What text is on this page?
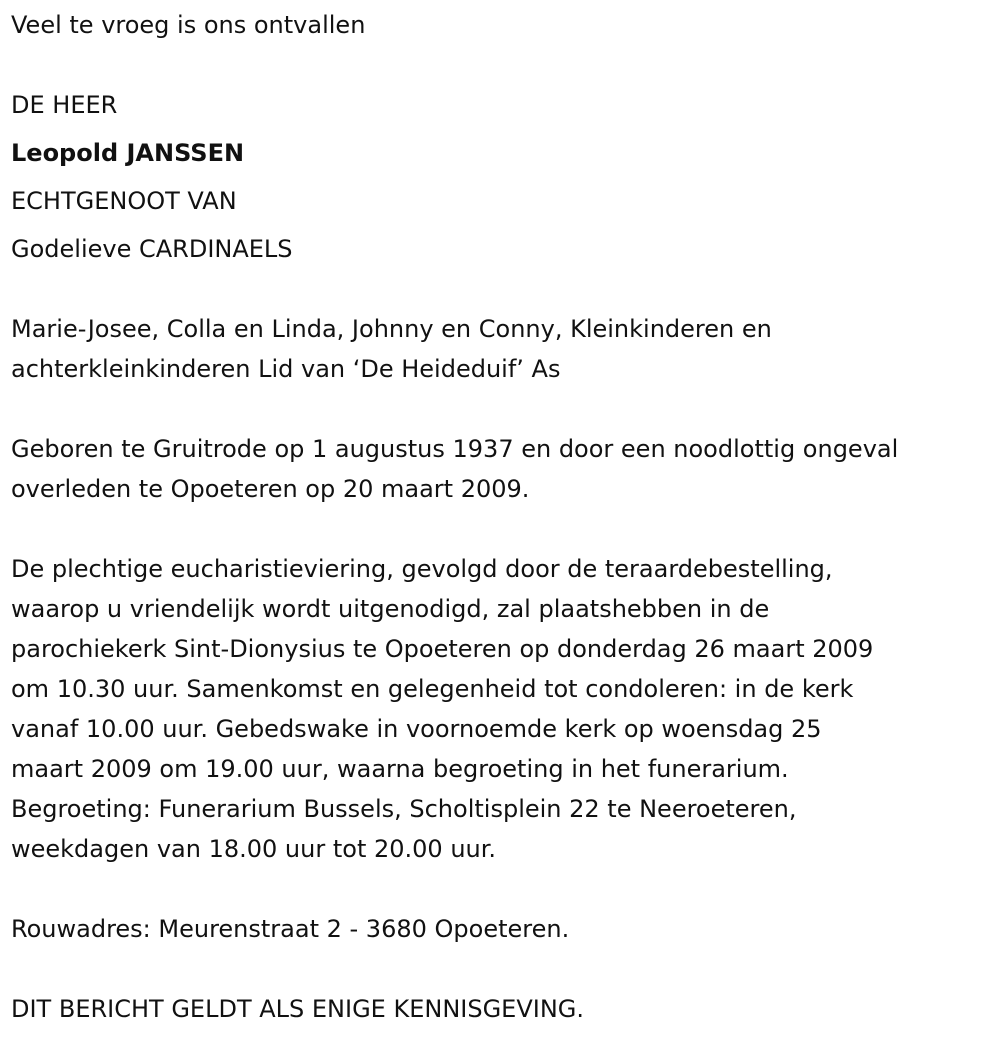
Veel te vroeg is ons ontvallen
DE HEER
Leopold JANSSEN
ECHTGENOOT VAN
Godelieve CARDINAELS
Marie-Josee, Colla en Linda, Johnny en Conny, Kleinkinderen en
achterkleinkinderen Lid van ‘De Heideduif’ As
Geboren te Gruitrode op 1 augustus 1937 en door een noodlottig ongeval
overleden te Opoeteren op 20 maart 2009.
De plechtige eucharistieviering, gevolgd door de teraardebestelling,
waarop u vriendelijk wordt uitgenodigd, zal plaatshebben in de
parochiekerk Sint-Dionysius te Opoeteren op donderdag 26 maart 2009
om 10.30 uur. Samenkomst en gelegenheid tot condoleren: in de kerk
vanaf 10.00 uur. Gebedswake in voornoemde kerk op woensdag 25
maart 2009 om 19.00 uur, waarna begroeting in het funerarium.
Begroeting: Funerarium Bussels, Scholtisplein 22 te Neeroeteren,
weekdagen van 18.00 uur tot 20.00 uur.
Rouwadres: Meurenstraat 2 - 3680 Opoeteren.
DIT BERICHT GELDT ALS ENIGE KENNISGEVING.
